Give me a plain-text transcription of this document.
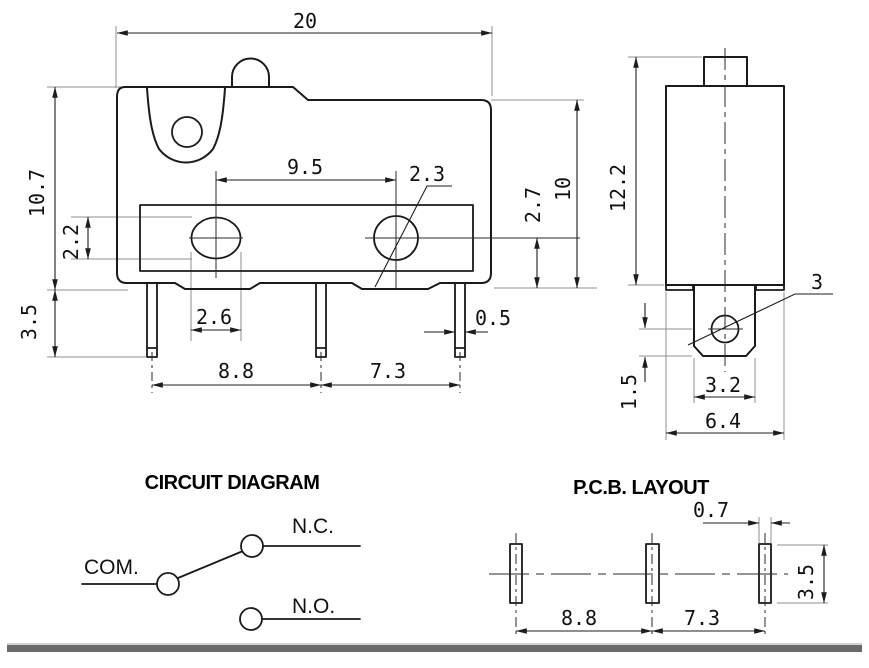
20
10.7
3.5
2.2
9.5	2.3
2.6	0.5
8.8	7.3
10
2.7	12.2
3
1.5	3.2
6.4
CIRCUIT DIAGRAM
COM.
N.C.
N.O.
P.C.B. LAYOUT
0.7
3.5
8.8	7.3
